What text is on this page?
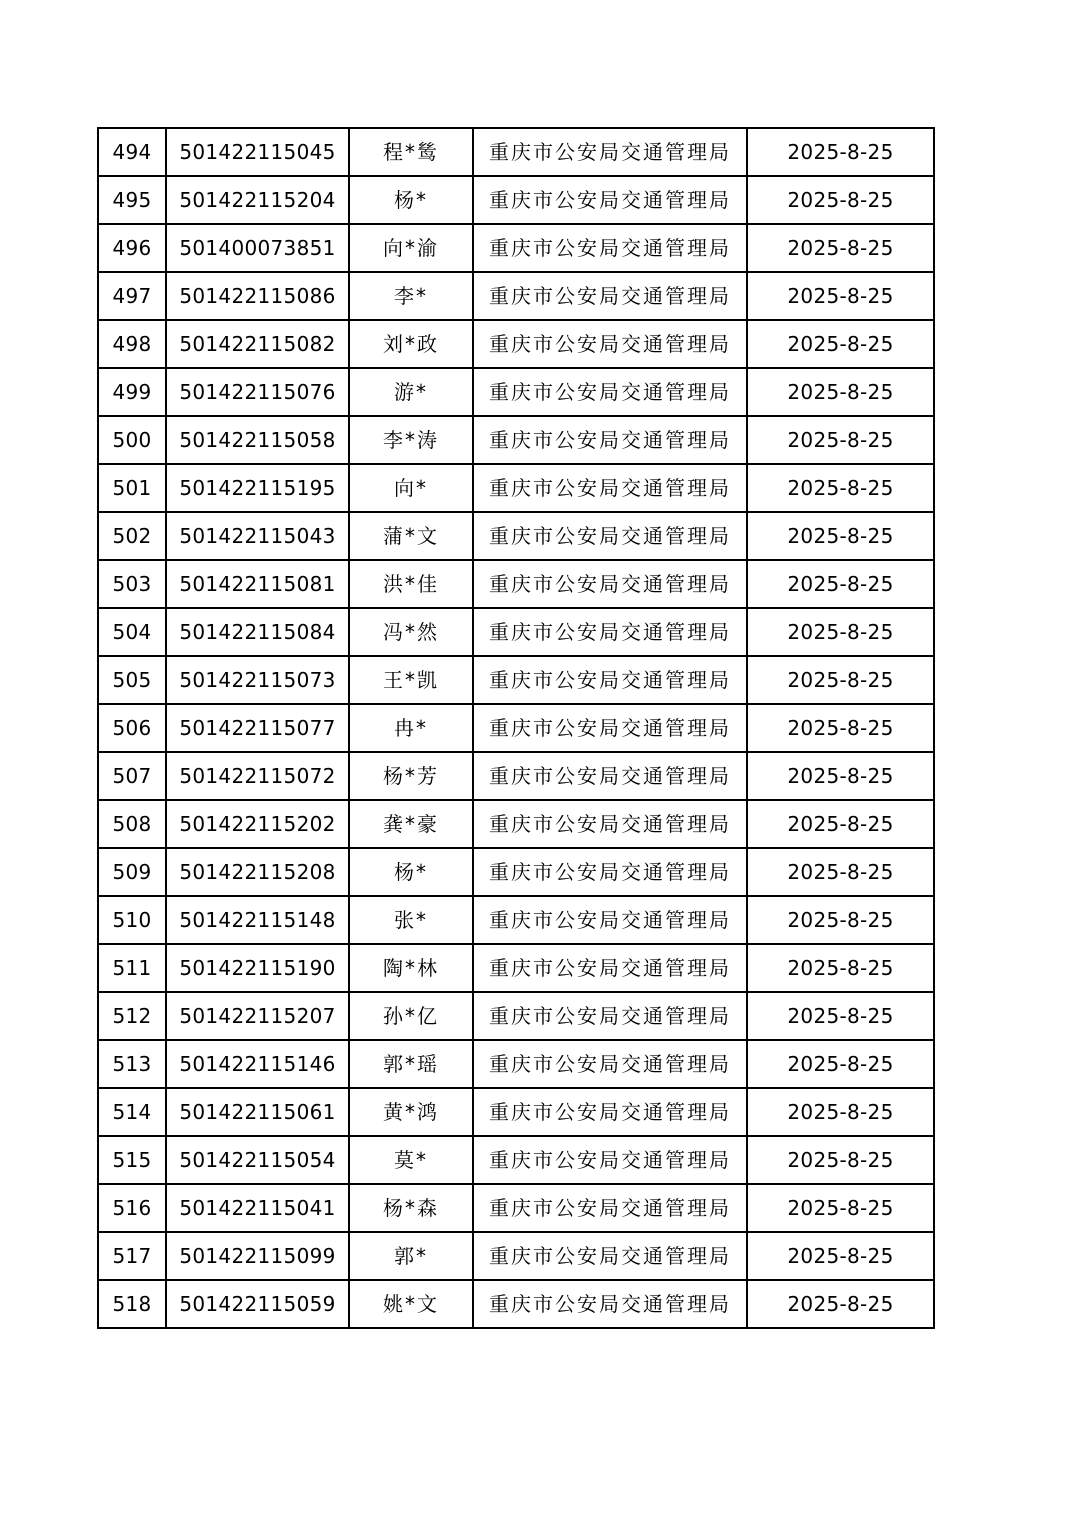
494	501422115045	程*鸶	重庆市公安局交通管理局	2025-8-25
495	501422115204	杨*	重庆市公安局交通管理局	2025-8-25
496	501400073851	向*渝	重庆市公安局交通管理局	2025-8-25
497	501422115086	李*	重庆市公安局交通管理局	2025-8-25
498	501422115082	刘*政	重庆市公安局交通管理局	2025-8-25
499	501422115076	游*	重庆市公安局交通管理局	2025-8-25
500	501422115058	李*涛	重庆市公安局交通管理局	2025-8-25
501	501422115195	向*	重庆市公安局交通管理局	2025-8-25
502	501422115043	蒲*文	重庆市公安局交通管理局	2025-8-25
503	501422115081	洪*佳	重庆市公安局交通管理局	2025-8-25
504	501422115084	冯*然	重庆市公安局交通管理局	2025-8-25
505	501422115073	王*凯	重庆市公安局交通管理局	2025-8-25
506	501422115077	冉*	重庆市公安局交通管理局	2025-8-25
507	501422115072	杨*芳	重庆市公安局交通管理局	2025-8-25
508	501422115202	龚*豪	重庆市公安局交通管理局	2025-8-25
509	501422115208	杨*	重庆市公安局交通管理局	2025-8-25
510	501422115148	张*	重庆市公安局交通管理局	2025-8-25
511	501422115190	陶*林	重庆市公安局交通管理局	2025-8-25
512	501422115207	孙*亿	重庆市公安局交通管理局	2025-8-25
513	501422115146	郭*瑶	重庆市公安局交通管理局	2025-8-25
514	501422115061	黄*鸿	重庆市公安局交通管理局	2025-8-25
515	501422115054	莫*	重庆市公安局交通管理局	2025-8-25
516	501422115041	杨*森	重庆市公安局交通管理局	2025-8-25
517	501422115099	郭*	重庆市公安局交通管理局	2025-8-25
518	501422115059	姚*文	重庆市公安局交通管理局	2025-8-25
